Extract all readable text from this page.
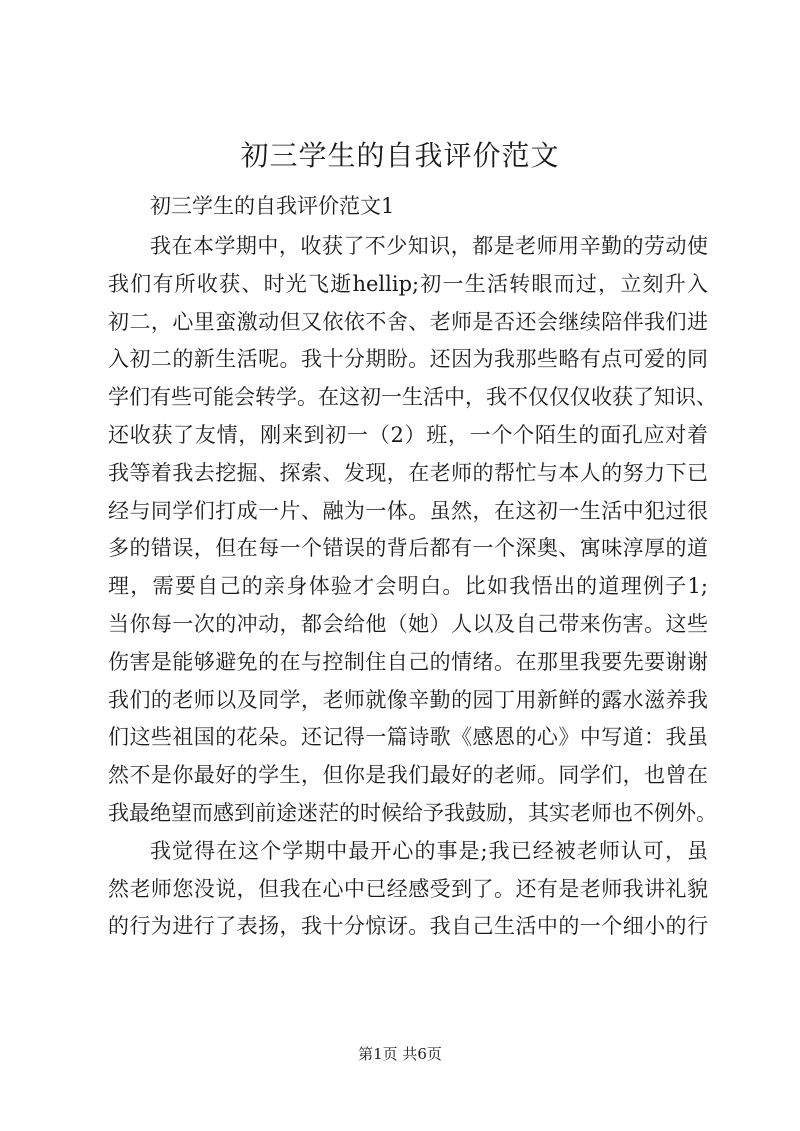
初三学生的自我评价范文

初三学生的自我评价范文1

我在本学期中，收获了不少知识，都是老师用辛勤的劳动使
我们有所收获、时光飞逝hellip;初一生活转眼而过，立刻升入
初二，心里蛮激动但又依依不舍、老师是否还会继续陪伴我们进
入初二的新生活呢。我十分期盼。还因为我那些略有点可爱的同
学们有些可能会转学。在这初一生活中，我不仅仅仅收获了知识、
还收获了友情，刚来到初一（2）班，一个个陌生的面孔应对着
我等着我去挖掘、探索、发现，在老师的帮忙与本人的努力下已
经与同学们打成一片、融为一体。虽然，在这初一生活中犯过很
多的错误，但在每一个错误的背后都有一个深奥、寓味淳厚的道
理，需要自己的亲身体验才会明白。比如我悟出的道理例子1;
当你每一次的冲动，都会给他（她）人以及自己带来伤害。这些
伤害是能够避免的在与控制住自己的情绪。在那里我要先要谢谢
我们的老师以及同学，老师就像辛勤的园丁用新鲜的露水滋养我
们这些祖国的花朵。还记得一篇诗歌《感恩的心》中写道：我虽
然不是你最好的学生，但你是我们最好的老师。同学们，也曾在
我最绝望而感到前途迷茫的时候给予我鼓励，其实老师也不例外。
我觉得在这个学期中最开心的事是;我已经被老师认可，虽
然老师您没说，但我在心中已经感受到了。还有是老师我讲礼貌
的行为进行了表扬，我十分惊讶。我自己生活中的一个细小的行
第1页 共6页
